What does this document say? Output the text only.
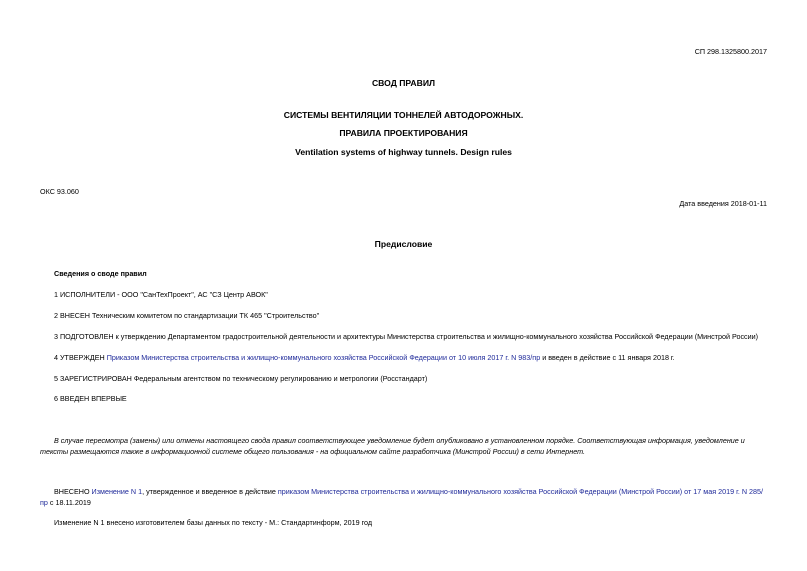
СП 298.1325800.2017
СВОД ПРАВИЛ
СИСТЕМЫ ВЕНТИЛЯЦИИ ТОННЕЛЕЙ АВТОДОРОЖНЫХ.
ПРАВИЛА ПРОЕКТИРОВАНИЯ
Ventilation systems of highway tunnels. Design rules
ОКС 93.060
Дата введения 2018-01-11
Предисловие
Сведения о своде правил
1 ИСПОЛНИТЕЛИ - ООО "СанТехПроект", АС "СЗ Центр АВОК"
2 ВНЕСЕН Техническим комитетом по стандартизации ТК 465 "Строительство"
3 ПОДГОТОВЛЕН к утверждению Департаментом градостроительной деятельности и архитектуры Министерства строительства и жилищно-коммунального хозяйства Российской Федерации (Минстрой России)
4 УТВЕРЖДЕН Приказом Министерства строительства и жилищно-коммунального хозяйства Российской Федерации от 10 июля 2017 г. N 983/пр и введен в действие с 11 января 2018 г.
5 ЗАРЕГИСТРИРОВАН Федеральным агентством по техническому регулированию и метрологии (Росстандарт)
6 ВВЕДЕН ВПЕРВЫЕ
В случае пересмотра (замены) или отмены настоящего свода правил соответствующее уведомление будет опубликовано в установленном порядке. Соответствующая информация, уведомление и тексты размещаются также в информационной системе общего пользования - на официальном сайте разработчика (Минстрой России) в сети Интернет.
ВНЕСЕНО Изменение N 1, утвержденное и введенное в действие приказом Министерства строительства и жилищно-коммунального хозяйства Российской Федерации (Минстрой России) от 17 мая 2019 г. N 285/пр с 18.11.2019
Изменение N 1 внесено изготовителем базы данных по тексту - М.: Стандартинформ, 2019 год
